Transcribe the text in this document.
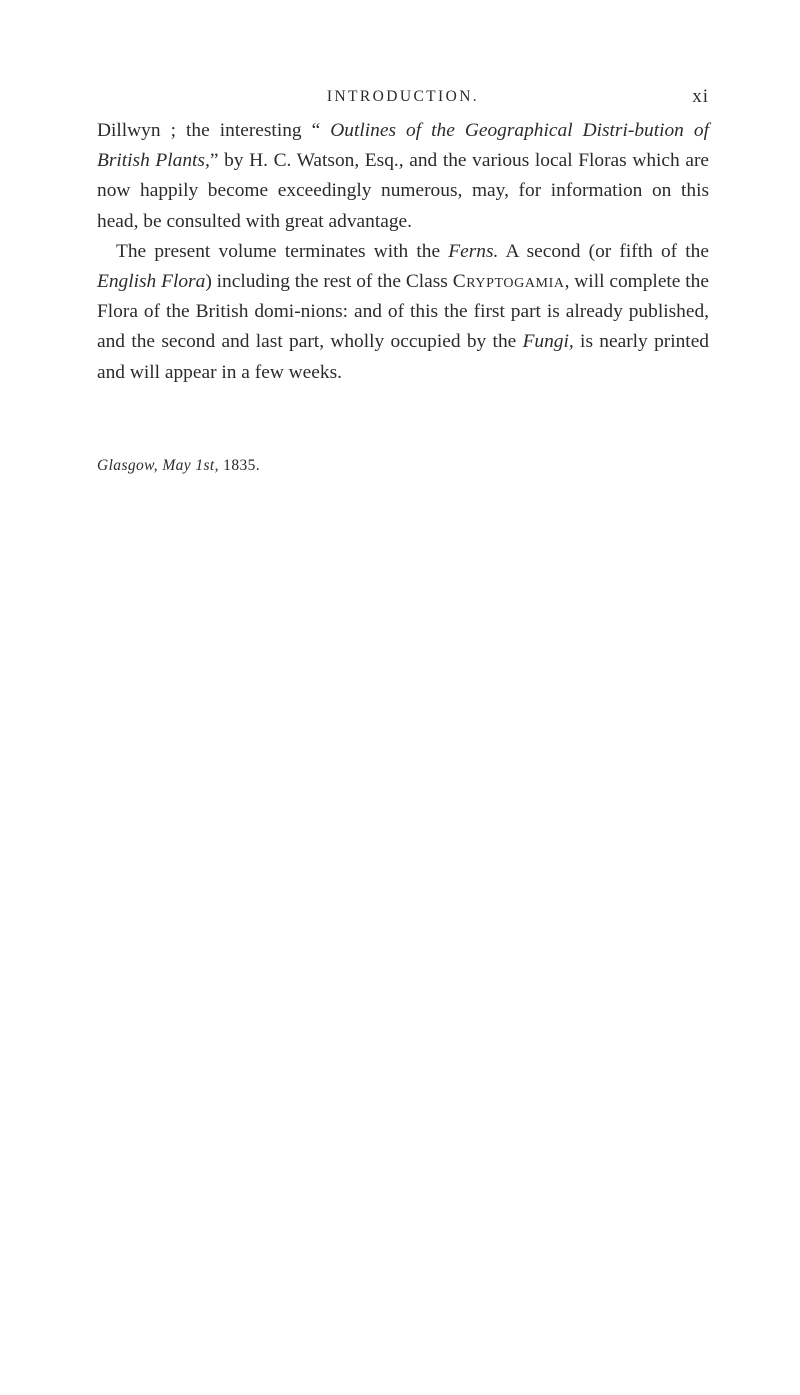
INTRODUCTION.	xi

Dillwyn ; the interesting “ Outlines of the Geographical Distri-bution of British Plants,” by H. C. Watson, Esq., and the various local Floras which are now happily become exceedingly numerous, may, for information on this head, be consulted with great advantage.

The present volume terminates with the Ferns. A second (or fifth of the English Flora) including the rest of the Class Cryptogamia, will complete the Flora of the British domi-nions: and of this the first part is already published, and the second and last part, wholly occupied by the Fungi, is nearly printed and will appear in a few weeks.

Glasgow, May 1st, 1835.
